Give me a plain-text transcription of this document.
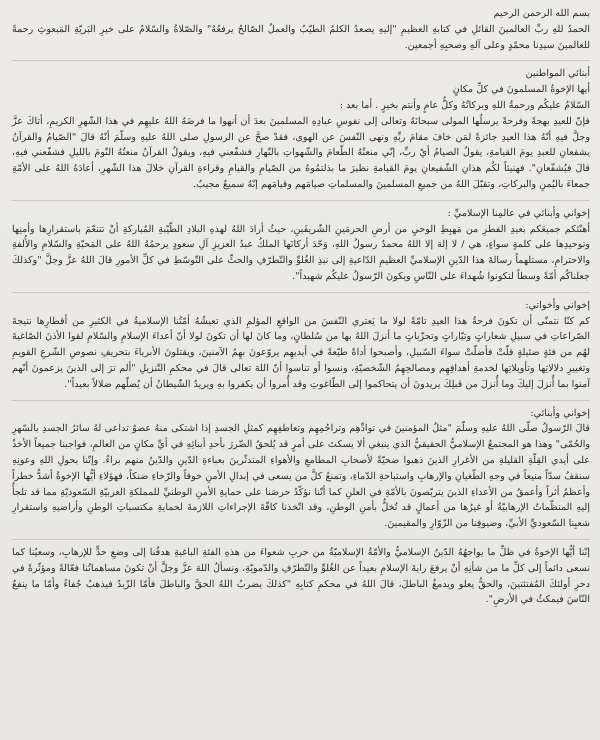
بسم الله الرحمن الرحيم

الحمدُ للهِ ربِّ العالمينَ القائلِ في كتابهِ العظيمِ "إليهِ يصعدُ الكلمُ الطيّبُ والعملُ الصّالحُ يرفعُهُ" والصّلاةُ والسّلامُ على خيرِ البَريّةِ المَبعوثِ رحمةً للعالمينَ سيدِنا محمّدٍ وعلى آلهِ وصحبِهِ أجمعين.

أبنائي المواطنين

أيها الإخوةُ المسلمونَ في كلِّ مكانٍ

السّلامُ عليكُم ورحمةُ اللهِ وبركاتُهُ وكلُّ عامٍ وأنتم بخيرٍ . أما بعد :

فإنّ للعيدِ بهجةً وفرحةً يرسلُها المولى سبحانَهُ وتعالى إلى نفوسِ عبادِهِ المسلمينَ بعدَ أن أنهوا ما فرضَهُ اللهُ عليهِم في هذا الشّهرِ الكريمِ، أتاكَ عزَّ وجلَّ فيهِ أنّهُ هذا العيدِ جائزةً لمَن خافَ مقامَ ربِّهِ ونهى النّفسَ عن الهوى، فقدْ صحَّ عن الرسولِ صلى اللهُ عليهِ وسلّمَ أنّهُ قالَ "الصّيامُ والقرآنُ يشفعانِ للعبدِ يومَ القيامةِ، يقولُ الصيامُ أيْ ربِّ، إنّي منعتُهُ الطّعامَ والشّهواتِ بالنّهارِ فشفّعني فيهِ، ويقولُ القرآنُ منعتُهُ النّومَ بالليلِ فشفّعني فيهِ، قالَ فيُشفّعانِ". فهنيئاً لكُم هذانِ الشّفيعانِ يومَ القيامةِ نظيرَ ما بذلتمُوهُ من الصّيامِ والقيامِ وقراءةِ القرآنِ خلالَ هذا الشّهرِ، أعادَهُ اللهُ على الأمّةِ جمعاءَ باليُمنِ والبركاتِ، وتقبّلَ اللهُ من جميعِ المسلمينَ والمسلماتِ صيامَهم وقيامَهم إنّهُ سميعٌ مجيبٌ.

إخواني وأبنائي في عالمِنا الإسلاميِّ :

أهنّئكم جميعَكم بعيدِ الفطرِ من مَهبِطِ الوحيِ من أرضِ الحرمَينِ الشّريفَينِ، حيثُ أرادَ اللهُ لهذهِ البلادِ الطّيّبةِ المُباركةِ أنْ تتنعّمَ باستقرارِها وأمنِها وتوحيدِها على كلمةٍ سواءٍ، هي / لا إلهَ إلا اللهُ محمدٌ رسولُ اللهِ، وَحّدَ أركانَها الملكُ عبدُ العزيزِ آلِ سعودٍ يرحمُهُ اللهُ على المَحبّةِ والسّلامِ والأُلفةِ والاحترامِ، مستلهماً رسالةَ هذا الدّينِ الإسلاميِّ العظيمِ الدّاعيةِ إلى نبذِ الغُلوِّ والتّطرّفِ والحثِّ على التّوسّطِ في كلِّ الأمورِ قالَ اللهُ عزَّ وجلَّ "وكذلكَ جعلناكُم أمّةً وسطاً لتكونوا شُهداءَ على النّاسِ ويكونَ الرّسولُ عليكُم شهيداً".

إخواني وأخواتي:

كم كنّا نتمنّى أن تكونَ فرحةُ هذا العيدِ تامّةً لولا ما يَعتري النّفسَ من الواقعِ المؤلمِ الذي تعيشُهُ أمّتُنا الإسلاميةُ في الكثيرِ من أقطارِها نتيجةَ الصّراعاتِ في سبيلِ شعاراتٍ وتيّاراتٍ وتحزّباتٍ ما أنزلَ اللهُ بها من سُلطانٍ، وما كانَ لها أن تكونَ لولا أنّ أعداءَ الإسلامِ والسّلامِ لقوا الأذنَ الصّاغيةَ لهُم من فئةٍ ضئيلةٍ قلّتْ فأضلّتْ سواءَ السّبيلِ، وأصبحوا أداةً طيّعةً في أيديهِم يروّعونَ بهِمُ الآمنينَ، ويقتلونَ الأبرياءَ بتحريفِ نصوصِ الشّرعِ القويمِ وتغييرِ دلالاتِها وتأويلاتِها لخدمةِ أهدافِهِم ومصالحِهِمُ الشّخصيّةِ، ونسوا أو تناسوا أنّ اللهَ تعالى قالَ في محكمِ التّنزيلِ "ألم ترَ إلى الذينَ يزعمونَ أنّهم آمنوا بما أُنزلَ إليكَ وما أُنزلَ من قبلِكَ يريدونَ أن يتحاكموا إلى الطّاغوتِ وقد أُمروا أن يكفروا بهِ ويريدُ الشّيطانُ أن يُضلّهم ضلالاً بعيداً".

إخواني وأبنائي:

قالَ الرّسولُ صلّى اللهُ عليهِ وسلّمَ "مثلُ المؤمنينَ في توادِّهِم وتراحُمِهِم وتعاطفِهِم كمثلِ الجسدِ إذا اشتكى منهُ عضوٌ تداعى لهُ سائرُ الجسدِ بالسّهرِ والحُمّى" وهذا هو المجتمعُ الإسلاميُّ الحقيقيُّ الذي ينبغي ألا يسكتَ على أمرٍ قد يُلحقُ الضّررَ بأحدِ أبنائِهِ في أيِّ مكانٍ من العالمِ، فواجبنا جميعاً الأخذُ على أيدي القِلّةِ القليلةِ من الأغرارِ الذينَ ذهبوا ضحيّةً لأصحابِ المطامعِ والأهواءِ المتدثّرينَ بعباءةِ الدّينِ والدّينُ منهم براءٌ. وإنّنا بحولِ اللهِ وعونِهِ سنقفُ سدّاً منيعاً في وجهِ الطّغيانِ والإرهابِ واستباحةِ الدّماءِ، وتمنعُ كلَّ من يسعى في إبدالِ الأمنِ خوفاً والرّخاءِ ضنكاً، فهؤلاءِ أيُّها الإخوةُ أشدُّ خطراً وأعظمُ أثراً وأعمقُ من الأعداءِ الذينَ يتربّصونَ بالأمّةِ في العلنِ كما أنّنا نؤكّدُ حرصَنا على حمايةِ الأمنِ الوطنيِّ للمملكةِ العربيّةِ السّعوديّةِ مما قد تلجأُ إليهِ المنظّماتُ الإرهابيّةُ أو غيرُها من أعمالٍ قد تُخلُّ بأمنِ الوطنِ، وقد اتّخذنا كافّةَ الإجراءاتِ اللازمةَ لحمايةِ مكتسباتِ الوطنِ وأراضيهِ واستقرارِ شعبِنا السّعوديِّ الأبيِّ، وضيوفِنا من الزّوّارِ والمقيمينَ.

إنّنا أيُّها الإخوةُ في ظلِّ ما يواجهُهُ الدّينُ الإسلاميُّ والأمّةُ الإسلاميّةُ من حربِ شعواءَ من هذهِ الفئةِ الباغيةِ هدفُنا إلى وضعِ حدٍّ للإرهابِ، وسعيُنا كما نسعى دائماً إلى كلِّ ما من شأنِهِ أنْ يرفعَ رايةَ الإسلامِ بعيداً عن الغُلوِّ والتّطرّفِ والدّمويّةِ، ونسألُ اللهَ عزَّ وجلَّ أنْ تكونَ مساهماتُنا فعّالةً ومؤثّرةً في دحرِ أولئكَ المُفتئتينَ، والحقُّ يعلو ويدمغُ الباطلَ، قالَ اللهُ في محكمِ كتابِهِ "كذلكَ يضربُ اللهُ الحقَّ والباطلَ فأمّا الزّبدُ فيذهبُ جُفاءً وأمّا ما ينفعُ النّاسَ فيمكثُ في الأرضِ".
